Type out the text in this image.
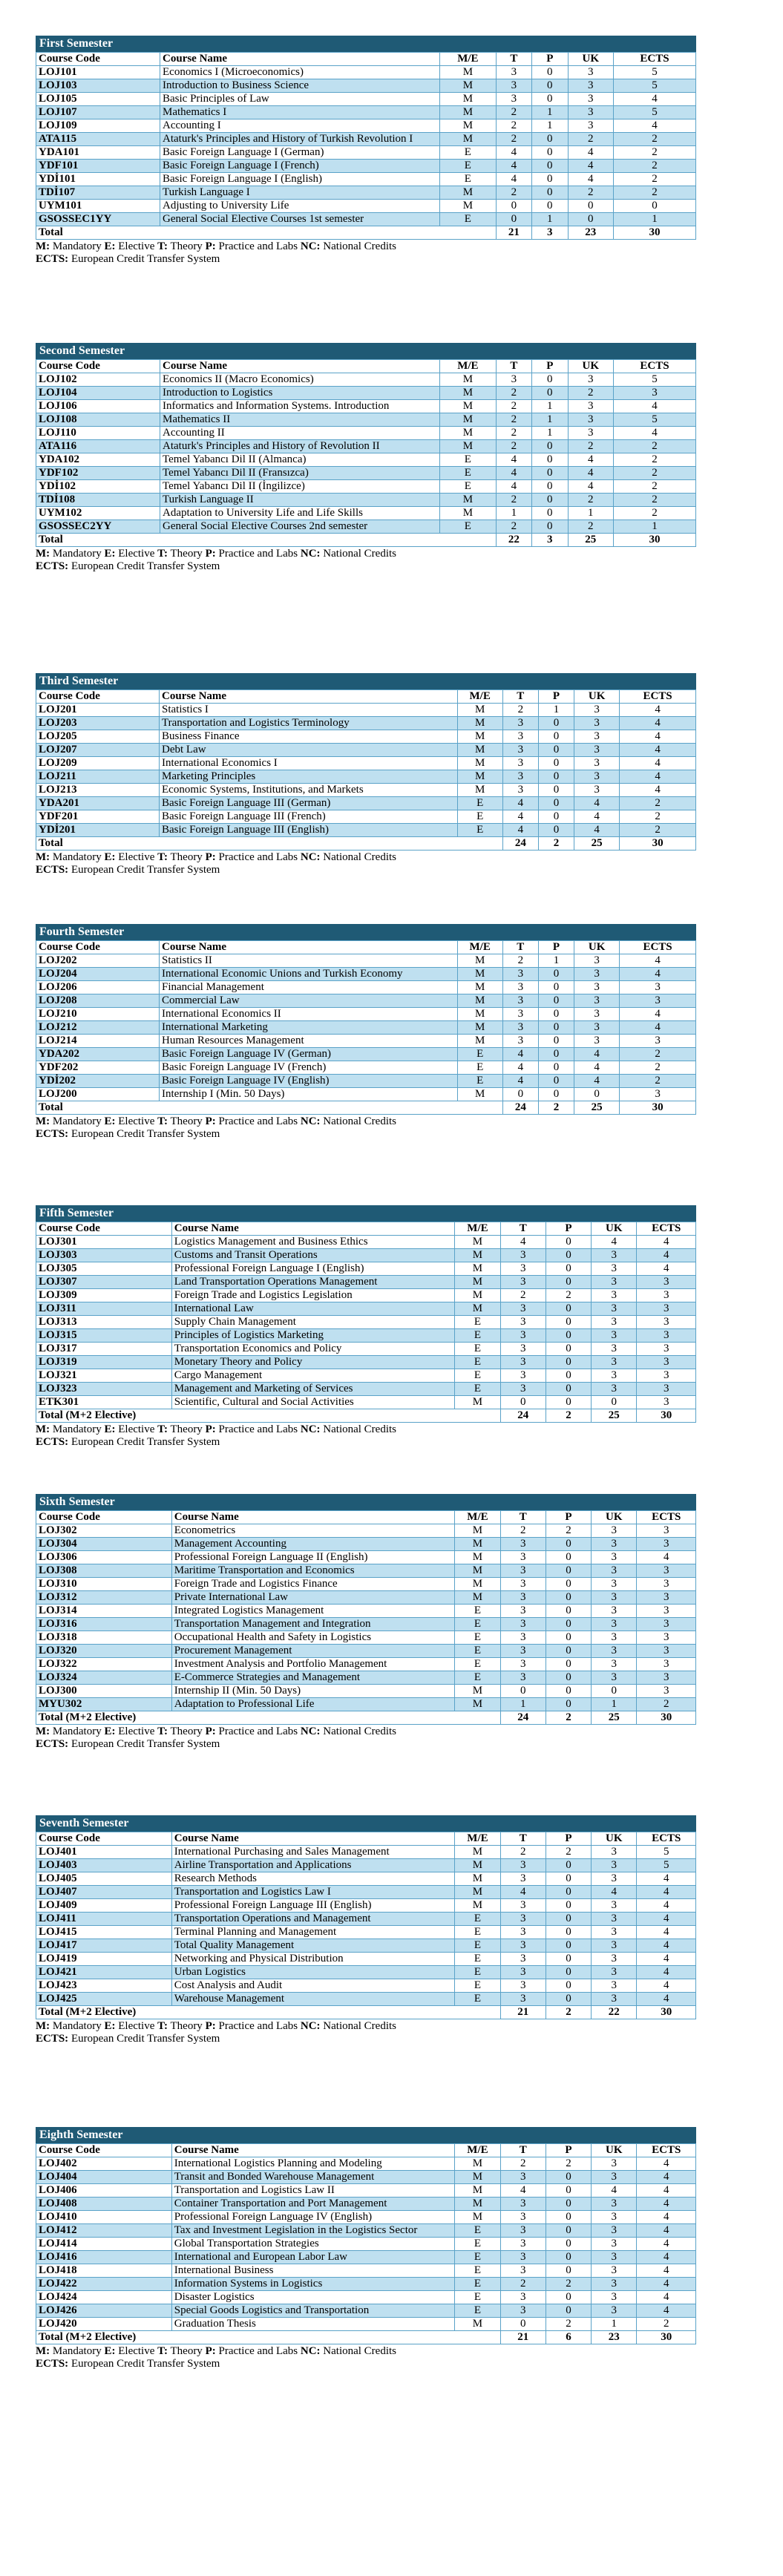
First Semester
Course Code	Course Name	M/E	T	P	UK	ECTS
LOJ101	Economics I (Microeconomics)	M	3	0	3	5
LOJ103	Introduction to Business Science	M	3	0	3	5
LOJ105	Basic Principles of Law	M	3	0	3	4
LOJ107	Mathematics I	M	2	1	3	5
LOJ109	Accounting I	M	2	1	3	4
ATA115	Ataturk's Principles and History of Turkish Revolution I	M	2	0	2	2
YDA101	Basic Foreign Language I (German)	E	4	0	4	2
YDF101	Basic Foreign Language I (French)	E	4	0	4	2
YDİ101	Basic Foreign Language I (English)	E	4	0	4	2
TDİ107	Turkish Language I	M	2	0	2	2
UYM101	Adjusting to University Life	M	0	0	0	0
GSOSSEC1YY	General Social Elective Courses 1st semester	E	0	1	0	1
Total			21	3	23	30
M: Mandatory E: Elective T: Theory P: Practice and Labs NC: National Credits
ECTS: European Credit Transfer System
Second Semester
Course Code	Course Name	M/E	T	P	UK	ECTS
LOJ102	Economics II (Macro Economics)	M	3	0	3	5
LOJ104	Introduction to Logistics	M	2	0	2	3
LOJ106	Informatics and Information Systems. Introduction	M	2	1	3	4
LOJ108	Mathematics II	M	2	1	3	5
LOJ110	Accounting II	M	2	1	3	4
ATA116	Ataturk's Principles and History of Revolution II	M	2	0	2	2
YDA102	Temel Yabancı Dil II (Almanca)	E	4	0	4	2
YDF102	Temel Yabancı Dil II (Fransızca)	E	4	0	4	2
YDİ102	Temel Yabancı Dil II (İngilizce)	E	4	0	4	2
TDİ108	Turkish Language II	M	2	0	2	2
UYM102	Adaptation to University Life and Life Skills	M	1	0	1	2
GSOSSEC2YY	General Social Elective Courses 2nd semester	E	2	0	2	1
Total			22	3	25	30
M: Mandatory E: Elective T: Theory P: Practice and Labs NC: National Credits
ECTS: European Credit Transfer System
Third Semester
Course Code	Course Name	M/E	T	P	UK	ECTS
LOJ201	Statistics I	M	2	1	3	4
LOJ203	Transportation and Logistics Terminology	M	3	0	3	4
LOJ205	Business Finance	M	3	0	3	4
LOJ207	Debt Law	M	3	0	3	4
LOJ209	International Economics I	M	3	0	3	4
LOJ211	Marketing Principles	M	3	0	3	4
LOJ213	Economic Systems, Institutions, and Markets	M	3	0	3	4
YDA201	Basic Foreign Language III (German)	E	4	0	4	2
YDF201	Basic Foreign Language III (French)	E	4	0	4	2
YDİ201	Basic Foreign Language III (English)	E	4	0	4	2
Total			24	2	25	30
M: Mandatory E: Elective T: Theory P: Practice and Labs NC: National Credits
ECTS: European Credit Transfer System
Fourth Semester
Course Code	Course Name	M/E	T	P	UK	ECTS
LOJ202	Statistics II	M	2	1	3	4
LOJ204	International Economic Unions and Turkish Economy	M	3	0	3	4
LOJ206	Financial Management	M	3	0	3	3
LOJ208	Commercial Law	M	3	0	3	3
LOJ210	International Economics II	M	3	0	3	4
LOJ212	International Marketing	M	3	0	3	4
LOJ214	Human Resources Management	M	3	0	3	3
YDA202	Basic Foreign Language IV (German)	E	4	0	4	2
YDF202	Basic Foreign Language IV (French)	E	4	0	4	2
YDİ202	Basic Foreign Language IV (English)	E	4	0	4	2
LOJ200	Internship I (Min. 50 Days)	M	0	0	0	3
Total			24	2	25	30
M: Mandatory E: Elective T: Theory P: Practice and Labs NC: National Credits
ECTS: European Credit Transfer System
Fifth Semester
Course Code	Course Name	M/E	T	P	UK	ECTS
LOJ301	Logistics Management and Business Ethics	M	4	0	4	4
LOJ303	Customs and Transit Operations	M	3	0	3	4
LOJ305	Professional Foreign Language I (English)	M	3	0	3	4
LOJ307	Land Transportation Operations Management	M	3	0	3	3
LOJ309	Foreign Trade and Logistics Legislation	M	2	2	3	3
LOJ311	International Law	M	3	0	3	3
LOJ313	Supply Chain Management	E	3	0	3	3
LOJ315	Principles of Logistics Marketing	E	3	0	3	3
LOJ317	Transportation Economics and Policy	E	3	0	3	3
LOJ319	Monetary Theory and Policy	E	3	0	3	3
LOJ321	Cargo Management	E	3	0	3	3
LOJ323	Management and Marketing of Services	E	3	0	3	3
ETK301	Scientific, Cultural and Social Activities	M	0	0	0	3
Total (M+2 Elective)			24	2	25	30
M: Mandatory E: Elective T: Theory P: Practice and Labs NC: National Credits
ECTS: European Credit Transfer System
Sixth Semester
Course Code	Course Name	M/E	T	P	UK	ECTS
LOJ302	Econometrics	M	2	2	3	3
LOJ304	Management Accounting	M	3	0	3	3
LOJ306	Professional Foreign Language II (English)	M	3	0	3	4
LOJ308	Maritime Transportation and Economics	M	3	0	3	3
LOJ310	Foreign Trade and Logistics Finance	M	3	0	3	3
LOJ312	Private International Law	M	3	0	3	3
LOJ314	Integrated Logistics Management	E	3	0	3	3
LOJ316	Transportation Management and Integration	E	3	0	3	3
LOJ318	Occupational Health and Safety in Logistics	E	3	0	3	3
LOJ320	Procurement Management	E	3	0	3	3
LOJ322	Investment Analysis and Portfolio Management	E	3	0	3	3
LOJ324	E-Commerce Strategies and Management	E	3	0	3	3
LOJ300	Internship II (Min. 50 Days)	M	0	0	0	3
MYU302	Adaptation to Professional Life	M	1	0	1	2
Total (M+2 Elective)			24	2	25	30
M: Mandatory E: Elective T: Theory P: Practice and Labs NC: National Credits
ECTS: European Credit Transfer System
Seventh Semester
Course Code	Course Name	M/E	T	P	UK	ECTS
LOJ401	International Purchasing and Sales Management	M	2	2	3	5
LOJ403	Airline Transportation and Applications	M	3	0	3	5
LOJ405	Research Methods	M	3	0	3	4
LOJ407	Transportation and Logistics Law I	M	4	0	4	4
LOJ409	Professional Foreign Language III (English)	M	3	0	3	4
LOJ411	Transportation Operations and Management	E	3	0	3	4
LOJ415	Terminal Planning and Management	E	3	0	3	4
LOJ417	Total Quality Management	E	3	0	3	4
LOJ419	Networking and Physical Distribution	E	3	0	3	4
LOJ421	Urban Logistics	E	3	0	3	4
LOJ423	Cost Analysis and Audit	E	3	0	3	4
LOJ425	Warehouse Management	E	3	0	3	4
Total (M+2 Elective)			21	2	22	30
M: Mandatory E: Elective T: Theory P: Practice and Labs NC: National Credits
ECTS: European Credit Transfer System
Eighth Semester
Course Code	Course Name	M/E	T	P	UK	ECTS
LOJ402	International Logistics Planning and Modeling	M	2	2	3	4
LOJ404	Transit and Bonded Warehouse Management	M	3	0	3	4
LOJ406	Transportation and Logistics Law II	M	4	0	4	4
LOJ408	Container Transportation and Port Management	M	3	0	3	4
LOJ410	Professional Foreign Language IV (English)	M	3	0	3	4
LOJ412	Tax and Investment Legislation in the Logistics Sector	E	3	0	3	4
LOJ414	Global Transportation Strategies	E	3	0	3	4
LOJ416	International and European Labor Law	E	3	0	3	4
LOJ418	International Business	E	3	0	3	4
LOJ422	Information Systems in Logistics	E	2	2	3	4
LOJ424	Disaster Logistics	E	3	0	3	4
LOJ426	Special Goods Logistics and Transportation	E	3	0	3	4
LOJ420	Graduation Thesis	M	0	2	1	2
Total (M+2 Elective)			21	6	23	30
M: Mandatory E: Elective T: Theory P: Practice and Labs NC: National Credits
ECTS: European Credit Transfer System
